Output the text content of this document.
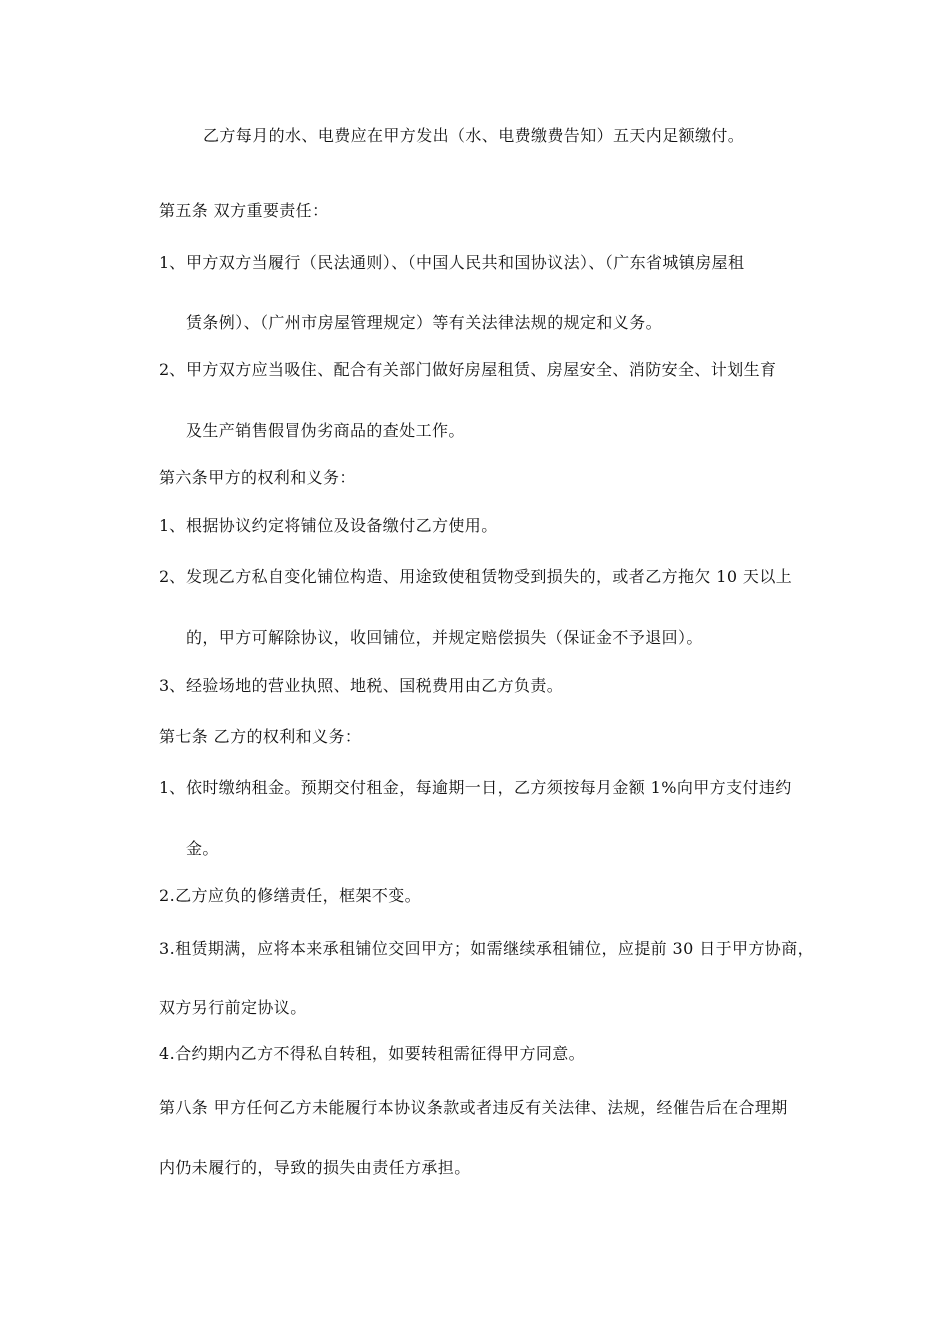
乙方每月的水、电费应在甲方发出（水、电费缴费告知）五天内足额缴付。

第五条 双方重要责任：

1、 甲方双方当履行（民法通则）、（中国人民共和国协议法）、（广东省城镇房屋租

赁条例）、（广州市房屋管理规定）等有关法律法规的规定和义务。

2、 甲方双方应当吸住、配合有关部门做好房屋租赁、房屋安全、消防安全、计划生育

及生产销售假冒伪劣商品的查处工作。

第六条甲方的权利和义务：

1、 根据协议约定将铺位及设备缴付乙方使用。

2、 发现乙方私自变化铺位构造、用途致使租赁物受到损失的，或者乙方拖欠 10 天以上

的，甲方可解除协议，收回铺位，并规定赔偿损失（保证金不予退回）。

3、 经验场地的营业执照、地税、国税费用由乙方负责。

第七条 乙方的权利和义务：

1、 依时缴纳租金。预期交付租金，每逾期一日，乙方须按每月金额 1%向甲方支付违约

金。

2.乙方应负的修缮责任，框架不变。

3.租赁期满，应将本来承租铺位交回甲方；如需继续承租铺位，应提前 30 日于甲方协商，

双方另行前定协议。

4.合约期内乙方不得私自转租，如要转租需征得甲方同意。

第八条 甲方任何乙方未能履行本协议条款或者违反有关法律、法规，经催告后在合理期

内仍未履行的，导致的损失由责任方承担。
